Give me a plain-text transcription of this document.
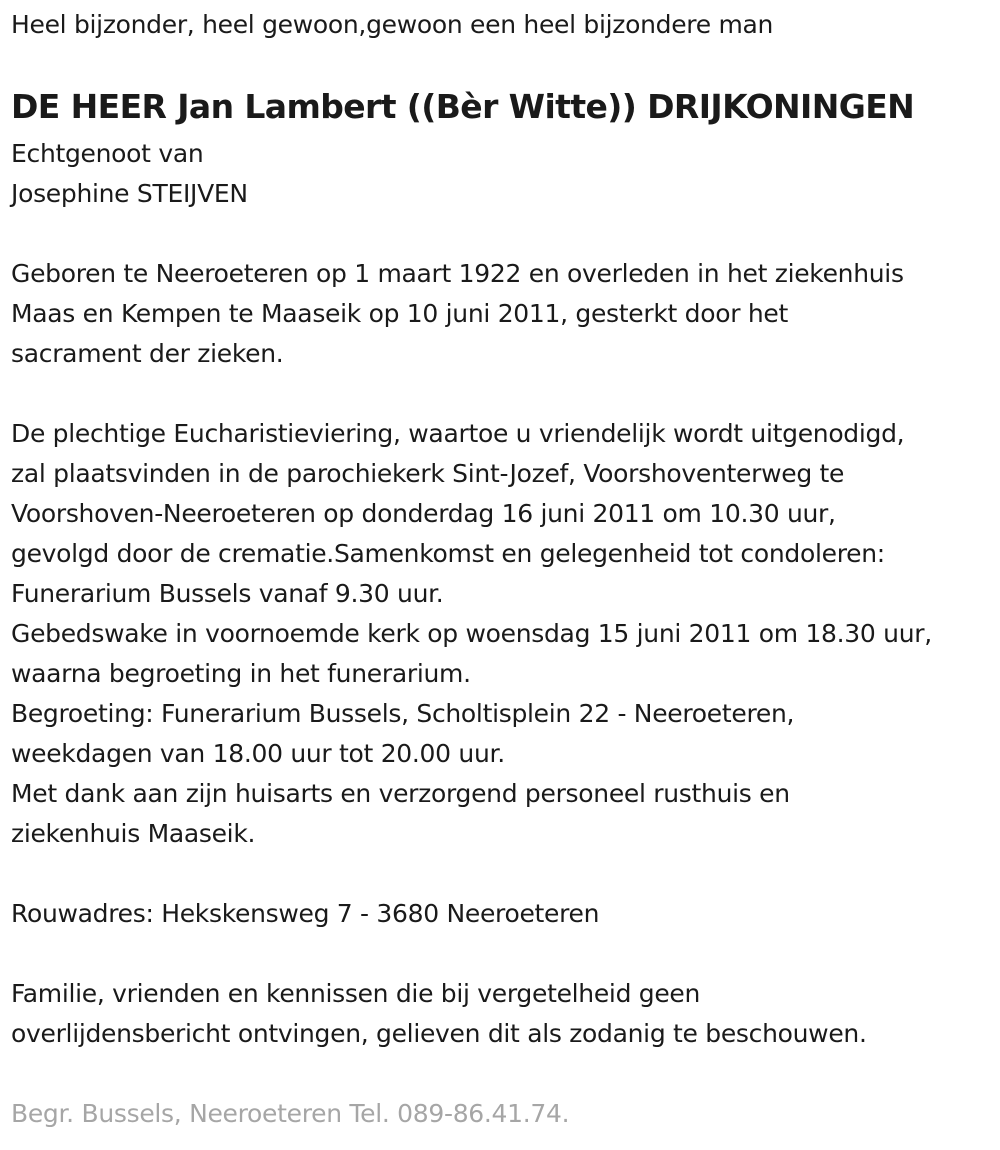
Heel bijzonder, heel gewoon,gewoon een heel bijzondere man
DE HEER Jan Lambert ((Bèr Witte)) DRIJKONINGEN
Echtgenoot van
Josephine STEIJVEN
Geboren te Neeroeteren op 1 maart 1922 en overleden in het ziekenhuis
Maas en Kempen te Maaseik op 10 juni 2011, gesterkt door het
sacrament der zieken.
De plechtige Eucharistieviering, waartoe u vriendelijk wordt uitgenodigd,
zal plaatsvinden in de parochiekerk Sint-Jozef, Voorshoventerweg te
Voorshoven-Neeroeteren op donderdag 16 juni 2011 om 10.30 uur,
gevolgd door de crematie.Samenkomst en gelegenheid tot condoleren:
Funerarium Bussels vanaf 9.30 uur.
Gebedswake in voornoemde kerk op woensdag 15 juni 2011 om 18.30 uur,
waarna begroeting in het funerarium.
Begroeting: Funerarium Bussels, Scholtisplein 22 - Neeroeteren,
weekdagen van 18.00 uur tot 20.00 uur.
Met dank aan zijn huisarts en verzorgend personeel rusthuis en
ziekenhuis Maaseik.
Rouwadres: Hekskensweg 7 - 3680 Neeroeteren
Familie, vrienden en kennissen die bij vergetelheid geen
overlijdensbericht ontvingen, gelieven dit als zodanig te beschouwen.
Begr. Bussels, Neeroeteren Tel. 089-86.41.74.
